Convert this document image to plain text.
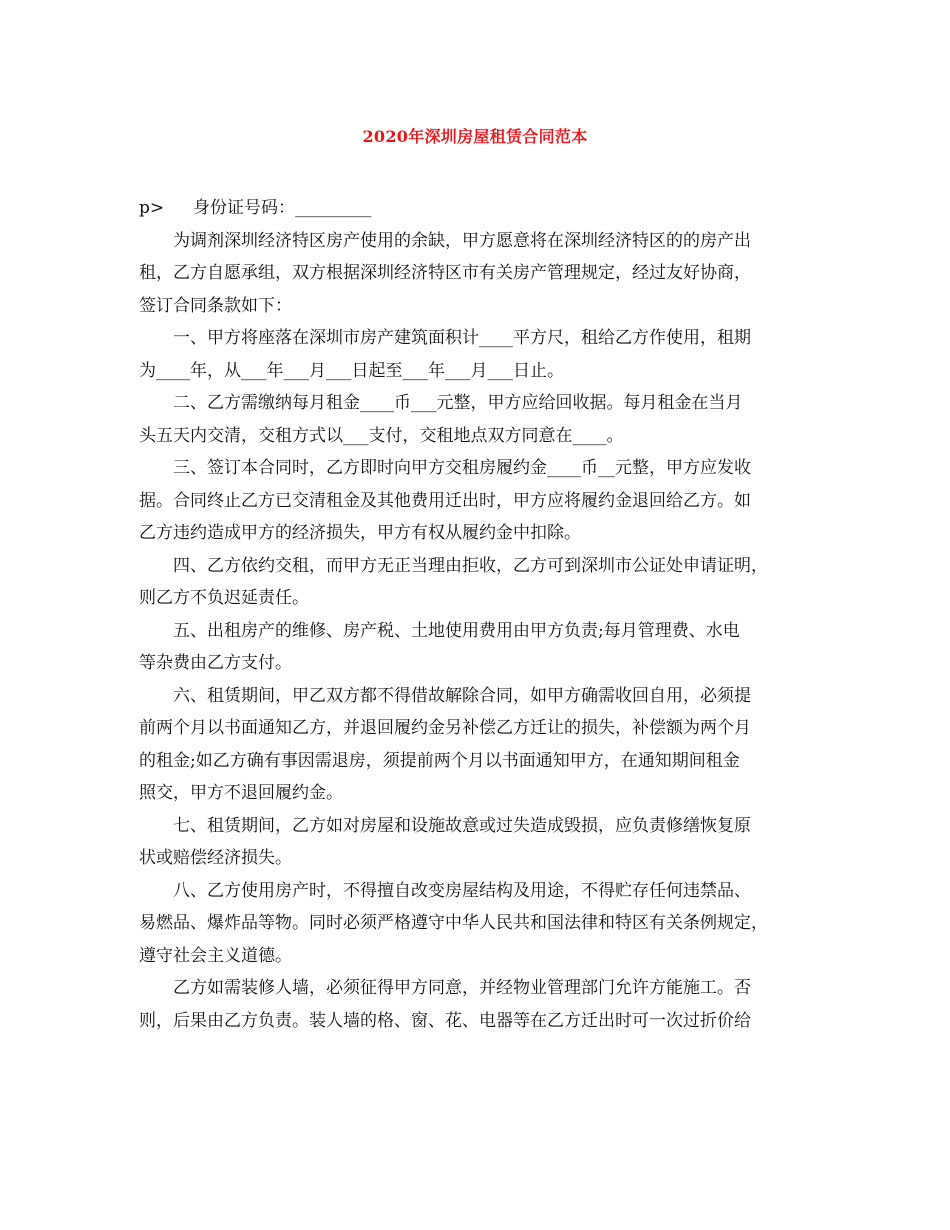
2020年深圳房屋租赁合同范本
p> 身份证号码：_________
为调剂深圳经济特区房产使用的余缺，甲方愿意将在深圳经济特区的的房产出
租，乙方自愿承组，双方根据深圳经济特区市有关房产管理规定，经过友好协商，
签订合同条款如下：
一、甲方将座落在深圳市房产建筑面积计____平方尺，租给乙方作使用，租期
为____年，从___年___月___日起至___年___月___日止。
二、乙方需缴纳每月租金____币___元整，甲方应给回收据。每月租金在当月
头五天内交清，交租方式以___支付，交租地点双方同意在____。
三、签订本合同时，乙方即时向甲方交租房履约金____币__元整，甲方应发收
据。合同终止乙方已交清租金及其他费用迁出时，甲方应将履约金退回给乙方。如
乙方违约造成甲方的经济损失，甲方有权从履约金中扣除。
四、乙方依约交租，而甲方无正当理由拒收，乙方可到深圳市公证处申请证明，
则乙方不负迟延责任。
五、出租房产的维修、房产税、土地使用费用由甲方负责;每月管理费、水电
等杂费由乙方支付。
六、租赁期间，甲乙双方都不得借故解除合同，如甲方确需收回自用，必须提
前两个月以书面通知乙方，并退回履约金另补偿乙方迁让的损失，补偿额为两个月
的租金;如乙方确有事因需退房，须提前两个月以书面通知甲方，在通知期间租金
照交，甲方不退回履约金。
七、租赁期间，乙方如对房屋和设施故意或过失造成毁损，应负责修缮恢复原
状或赔偿经济损失。
八、乙方使用房产时，不得擅自改变房屋结构及用途，不得贮存任何违禁品、
易燃品、爆炸品等物。同时必须严格遵守中华人民共和国法律和特区有关条例规定，
遵守社会主义道德。
乙方如需装修人墙，必须征得甲方同意，并经物业管理部门允许方能施工。否
则，后果由乙方负责。装人墙的格、窗、花、电器等在乙方迁出时可一次过折价给
